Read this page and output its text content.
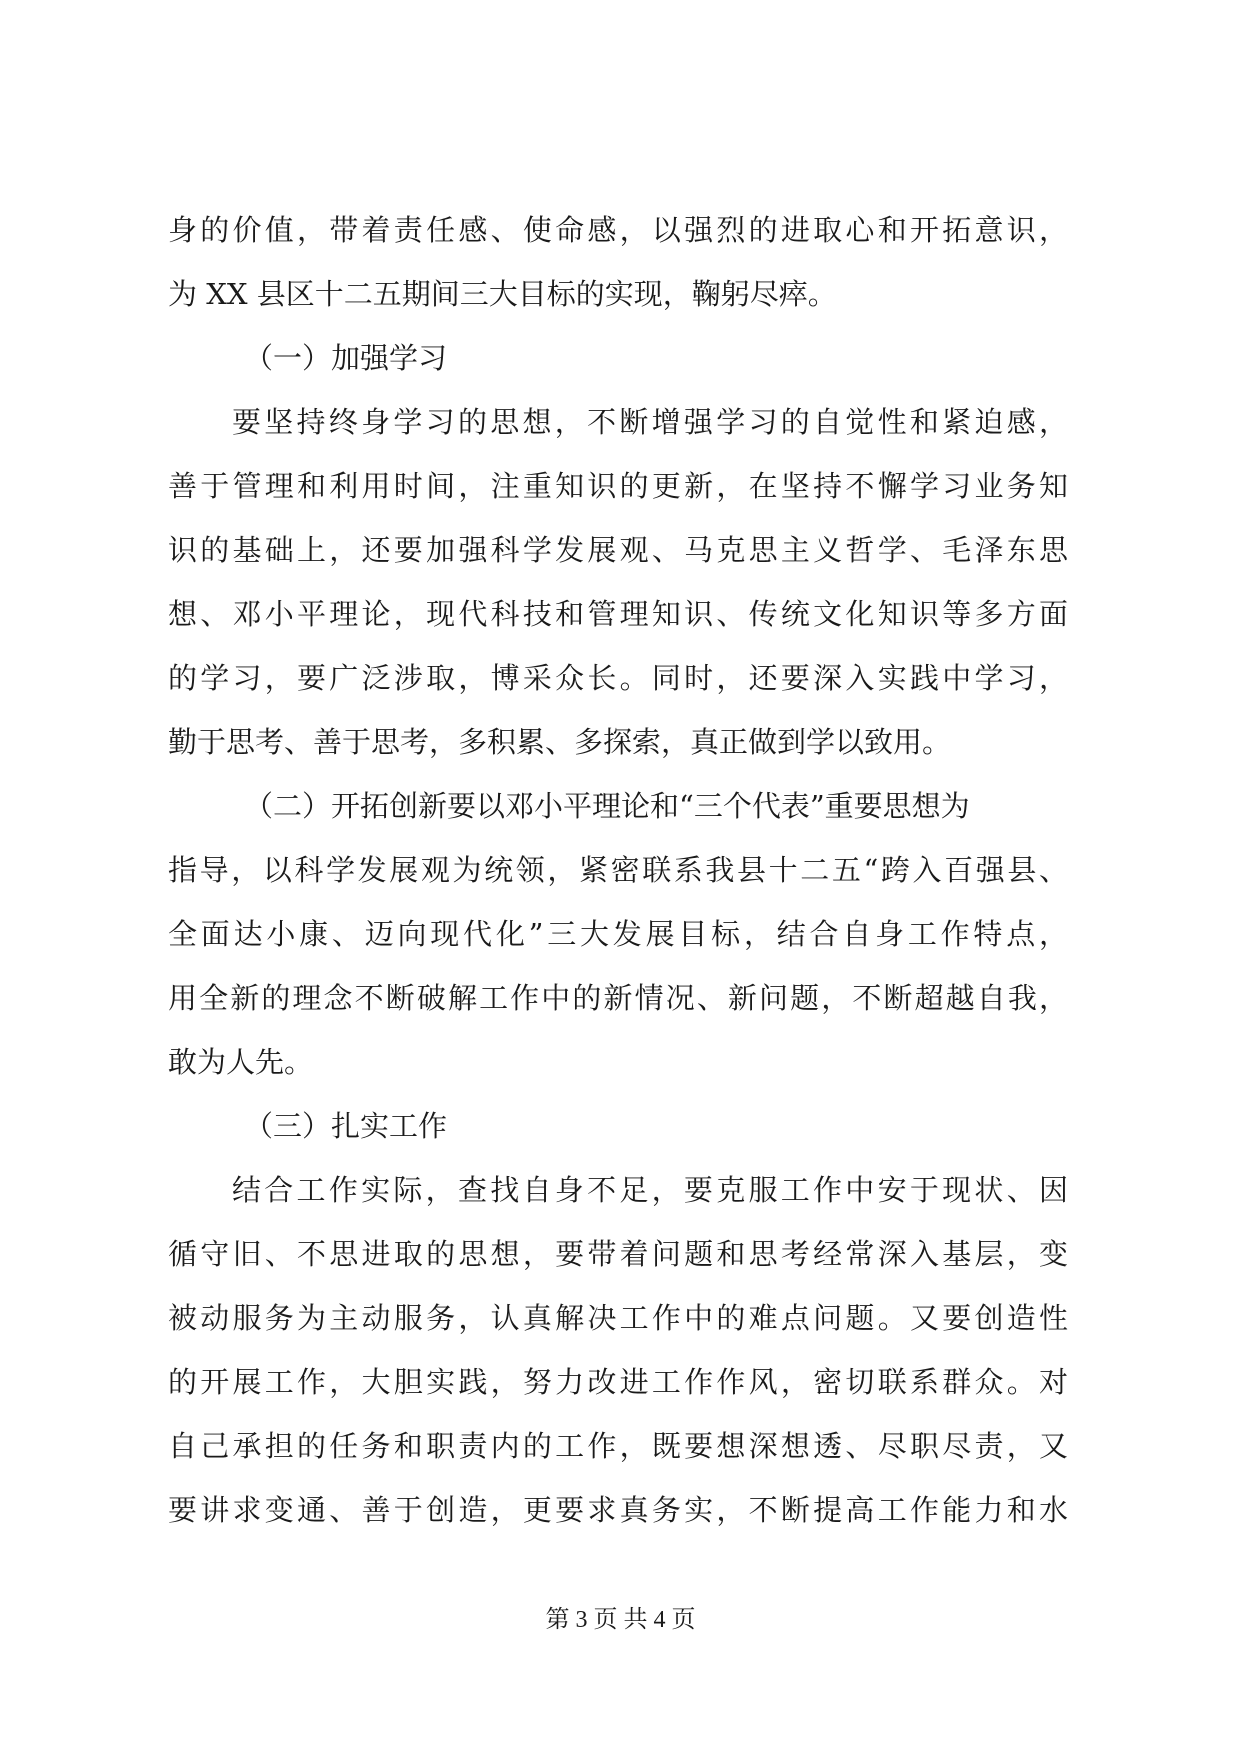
身的价值，带着责任感、使命感，以强烈的进取心和开拓意识，
为 XX 县区十二五期间三大目标的实现，鞠躬尽瘁。
（一）加强学习
要坚持终身学习的思想，不断增强学习的自觉性和紧迫感，
善于管理和利用时间，注重知识的更新，在坚持不懈学习业务知
识的基础上，还要加强科学发展观、马克思主义哲学、毛泽东思
想、邓小平理论，现代科技和管理知识、传统文化知识等多方面
的学习，要广泛涉取，博采众长。同时，还要深入实践中学习，
勤于思考、善于思考，多积累、多探索，真正做到学以致用。
（二）开拓创新要以邓小平理论和“三个代表”重要思想为
指导，以科学发展观为统领，紧密联系我县十二五“跨入百强县、
全面达小康、迈向现代化”三大发展目标，结合自身工作特点，
用全新的理念不断破解工作中的新情况、新问题，不断超越自我，
敢为人先。
（三）扎实工作
结合工作实际，查找自身不足，要克服工作中安于现状、因
循守旧、不思进取的思想，要带着问题和思考经常深入基层，变
被动服务为主动服务，认真解决工作中的难点问题。又要创造性
的开展工作，大胆实践，努力改进工作作风，密切联系群众。对
自己承担的任务和职责内的工作，既要想深想透、尽职尽责，又
要讲求变通、善于创造，更要求真务实，不断提高工作能力和水
第 3 页 共 4 页
